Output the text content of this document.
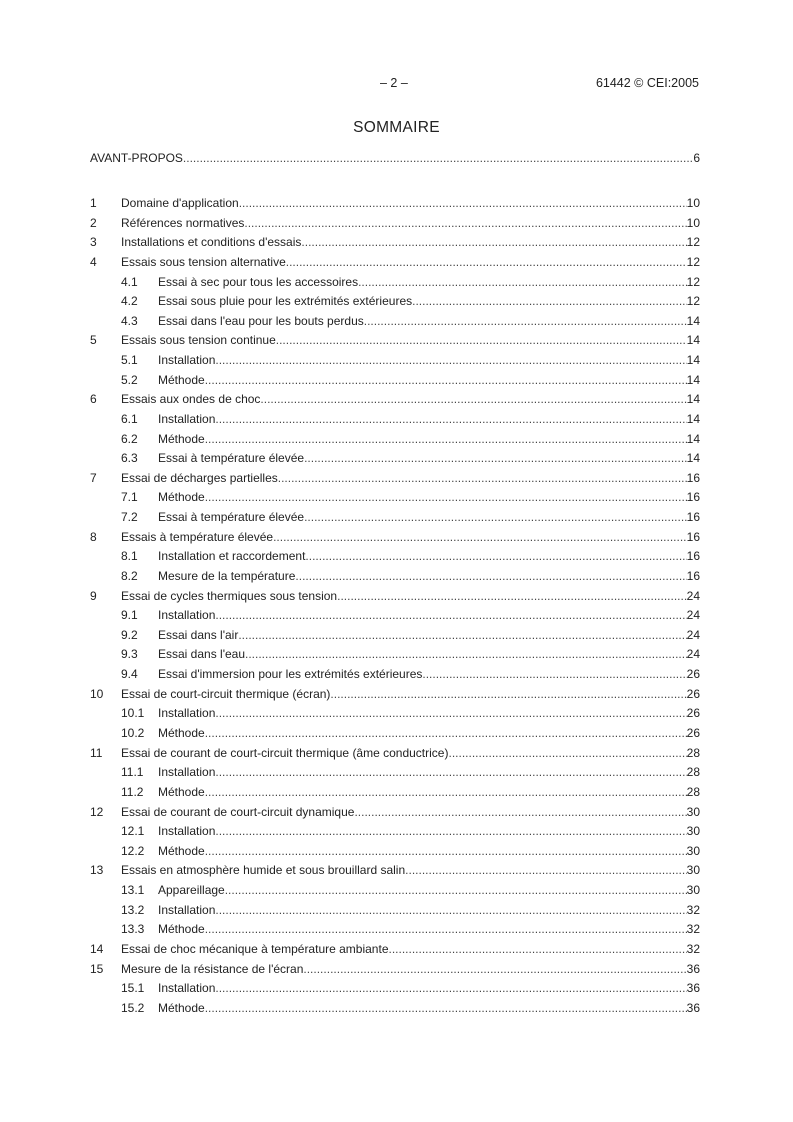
– 2 –	61442 © CEI:2005
SOMMAIRE
AVANT-PROPOS .....	6
1	Domaine d'application .....	10
2	Références normatives .....	10
3	Installations et conditions d'essais .....	12
4	Essais sous tension alternative .....	12
4.1	Essai à sec pour tous les accessoires .....	12
4.2	Essai sous pluie pour les extrémités extérieures .....	12
4.3	Essai dans l'eau pour les bouts perdus .....	14
5	Essais sous tension continue .....	14
5.1	Installation .....	14
5.2	Méthode .....	14
6	Essais aux ondes de choc .....	14
6.1	Installation .....	14
6.2	Méthode .....	14
6.3	Essai à température élevée .....	14
7	Essai de décharges partielles .....	16
7.1	Méthode .....	16
7.2	Essai à température élevée .....	16
8	Essais à température élevée .....	16
8.1	Installation et raccordement .....	16
8.2	Mesure de la température .....	16
9	Essai de cycles thermiques sous tension .....	24
9.1	Installation .....	24
9.2	Essai dans l'air .....	24
9.3	Essai dans l'eau .....	24
9.4	Essai d'immersion pour les extrémités extérieures .....	26
10	Essai de court-circuit thermique (écran) .....	26
10.1	Installation .....	26
10.2	Méthode .....	26
11	Essai de courant de court-circuit thermique (âme conductrice) .....	28
11.1	Installation .....	28
11.2	Méthode .....	28
12	Essai de courant de court-circuit dynamique .....	30
12.1	Installation .....	30
12.2	Méthode .....	30
13	Essais en atmosphère humide et sous brouillard salin .....	30
13.1	Appareillage .....	30
13.2	Installation .....	32
13.3	Méthode .....	32
14	Essai de choc mécanique à température ambiante .....	32
15	Mesure de la résistance de l'écran .....	36
15.1	Installation .....	36
15.2	Méthode .....	36
